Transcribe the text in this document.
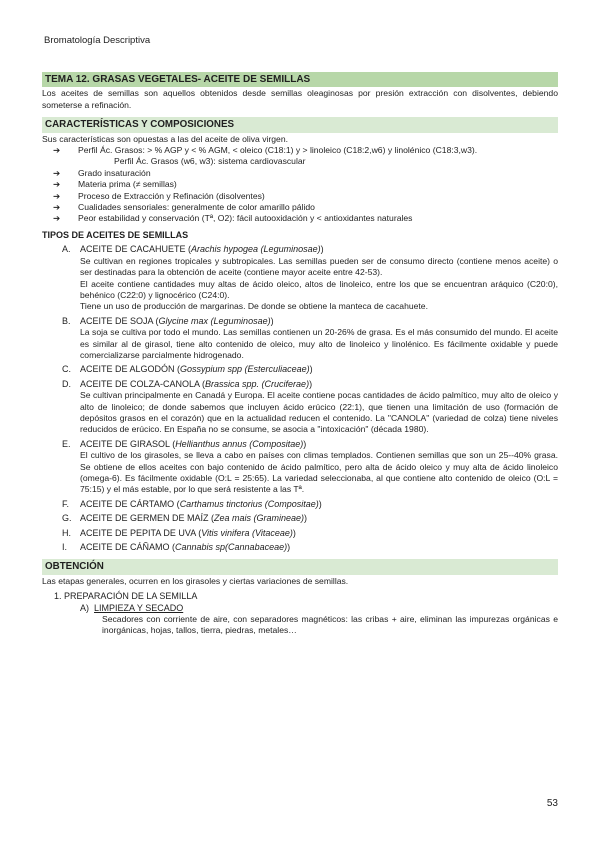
Bromatología Descriptiva
TEMA 12. GRASAS VEGETALES- ACEITE DE SEMILLAS

Los aceites de semillas son aquellos obtenidos desde semillas oleaginosas por presión extracción con disolventes, debiendo someterse a refinación.

CARACTERÍSTICAS Y COMPOSICIONES

Sus características son opuestas a las del aceite de oliva virgen.

➔ Perfil Ác. Grasos: > % AGP y < % AGM, < oleico (C18:1) y > linoleico (C18:2,w6) y linolénico (C18:3,w3).
Perfil Ác. Grasos (w6, w3): sistema cardiovascular
➔ Grado insaturación
➔ Materia prima (≠ semillas)
➔ Proceso de Extracción y Refinación (disolventes)
➔ Cualidades sensoriales: generalmente de color amarillo pálido
➔ Peor estabilidad y conservación (Tª, O2): fácil autooxidación y < antioxidantes naturales
TIPOS DE ACEITES DE SEMILLAS
A. ACEITE DE CACAHUETE (Arachis hypogea (Leguminosae))
Se cultivan en regiones tropicales y subtropicales. Las semillas pueden ser de consumo directo (contiene menos aceite) o ser destinadas para la obtención de aceite (contiene mayor aceite entre 42-53).
El aceite contiene cantidades muy altas de ácido oleico, altos de linoleico, entre los que se encuentran aráquico (C20:0), behénico (C22:0) y lignocérico (C24:0).
Tiene un uso de producción de margarinas. De donde se obtiene la manteca de cacahuete.
B. ACEITE DE SOJA (Glycine max (Leguminosae))
La soja se cultiva por todo el mundo. Las semillas contienen un 20-26% de grasa. Es el más consumido del mundo. El aceite es similar al de girasol, tiene alto contenido de oleico, muy alto de linoleico y linolénico. Es fácilmente oxidable y puede comercializarse parcialmente hidrogenado.
C. ACEITE DE ALGODÓN (Gossypium spp (Esterculiaceae))
D. ACEITE DE COLZA-CANOLA (Brassica spp. (Cruciferae))
Se cultivan principalmente en Canadá y Europa. El aceite contiene pocas cantidades de ácido palmítico, muy alto de oleico y alto de linoleico; de donde sabemos que incluyen ácido erúcico (22:1), que tienen una limitación de uso (formación de depósitos grasos en el corazón) que en la actualidad reducen el contenido. La "CANOLA" (variedad de colza) tiene niveles reducidos de erúcico. En España no se consume, se asocia a "intoxicación" (década 1980).
E. ACEITE DE GIRASOL (Hellianthus annus (Compositae))
El cultivo de los girasoles, se lleva a cabo en países con climas templados. Contienen semillas que son un 25--40% grasa. Se obtiene de ellos aceites con bajo contenido de ácido palmítico, pero alta de ácido oleico y muy alta de ácido linoleico (omega-6). Es fácilmente oxidable (O:L = 25:65). La variedad seleccionaba, al que contiene alto contenido de oleico (O:L = 75:15) y el más estable, por lo que será resistente a las Tª.
F. ACEITE DE CÁRTAMO (Carthamus tinctorius (Compositae))
G. ACEITE DE GERMEN DE MAÍZ (Zea mais (Gramineae))
H. ACEITE DE PEPITA DE UVA (Vitis vinifera (Vitaceae))
I. ACEITE DE CÁÑAMO (Cannabis sp(Cannabaceae))
OBTENCIÓN

Las etapas generales, ocurren en los girasoles y ciertas variaciones de semillas.

1. PREPARACIÓN DE LA SEMILLA
A) LIMPIEZA Y SECADO
Secadores con corriente de aire, con separadores magnéticos: las cribas + aire, eliminan las impurezas orgánicas e inorgánicas, hojas, tallos, tierra, piedras, metales…
53
